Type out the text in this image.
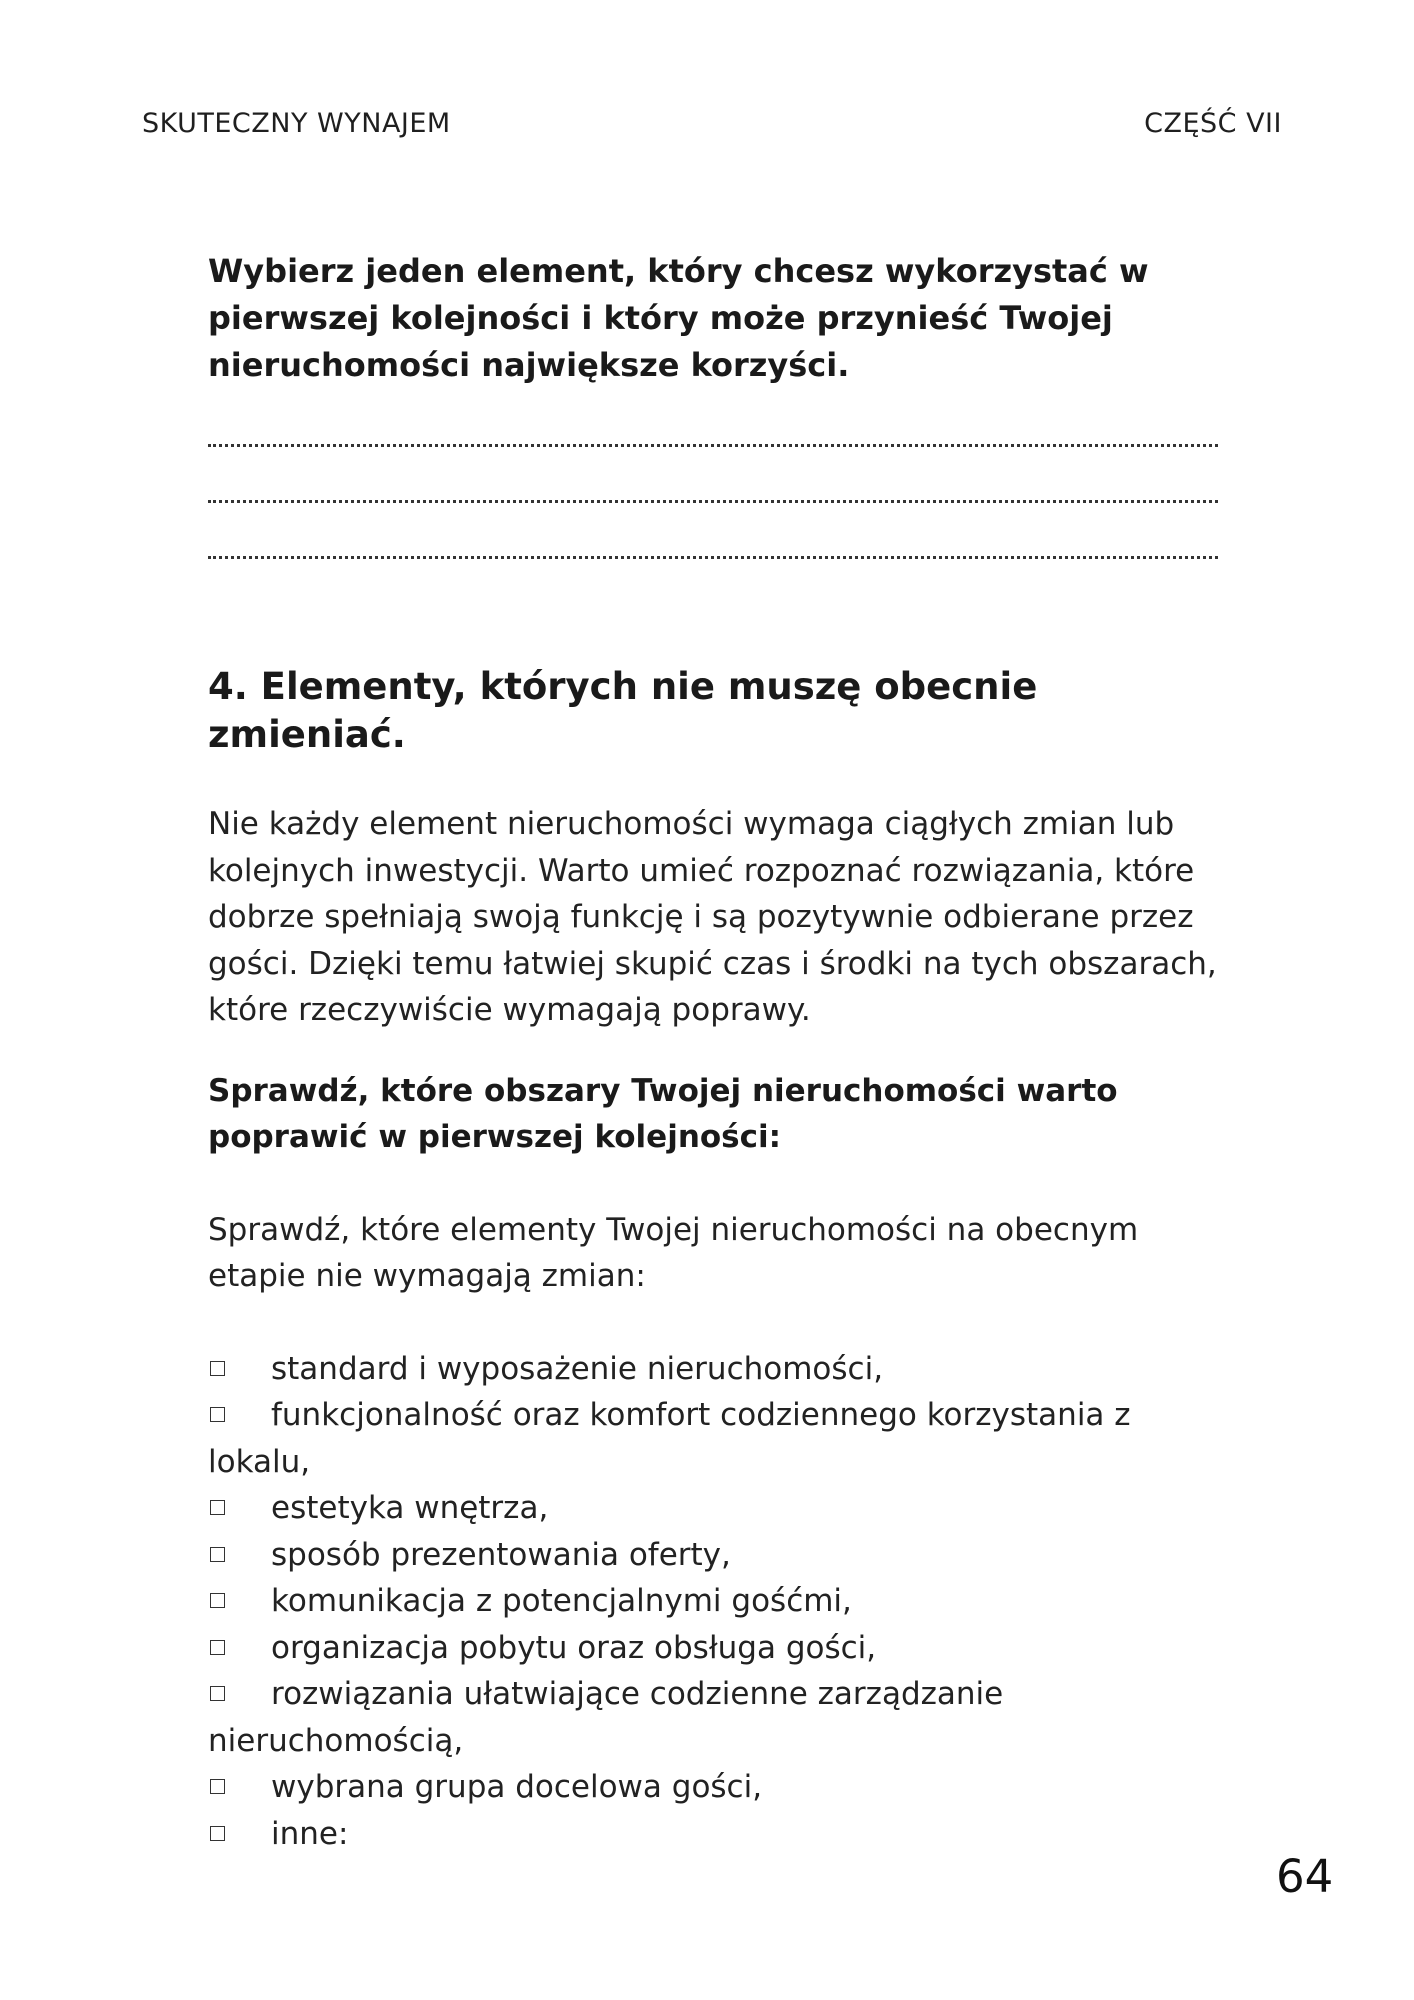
SKUTECZNY WYNAJEM	CZĘŚĆ VII

Wybierz jeden element, który chcesz wykorzystać w pierwszej kolejności i który może przynieść Twojej nieruchomości największe korzyści.

4. Elementy, których nie muszę obecnie zmieniać.

Nie każdy element nieruchomości wymaga ciągłych zmian lub kolejnych inwestycji. Warto umieć rozpoznać rozwiązania, które dobrze spełniają swoją funkcję i są pozytywnie odbierane przez gości. Dzięki temu łatwiej skupić czas i środki na tych obszarach, które rzeczywiście wymagają poprawy.

Sprawdź, które obszary Twojej nieruchomości warto poprawić w pierwszej kolejności:

Sprawdź, które elementy Twojej nieruchomości na obecnym etapie nie wymagają zmian:

standard i wyposażenie nieruchomości,
funkcjonalność oraz komfort codziennego korzystania z lokalu,
estetyka wnętrza,
sposób prezentowania oferty,
komunikacja z potencjalnymi gośćmi,
organizacja pobytu oraz obsługa gości,
rozwiązania ułatwiające codzienne zarządzanie nieruchomością,
wybrana grupa docelowa gości,
inne:
64
